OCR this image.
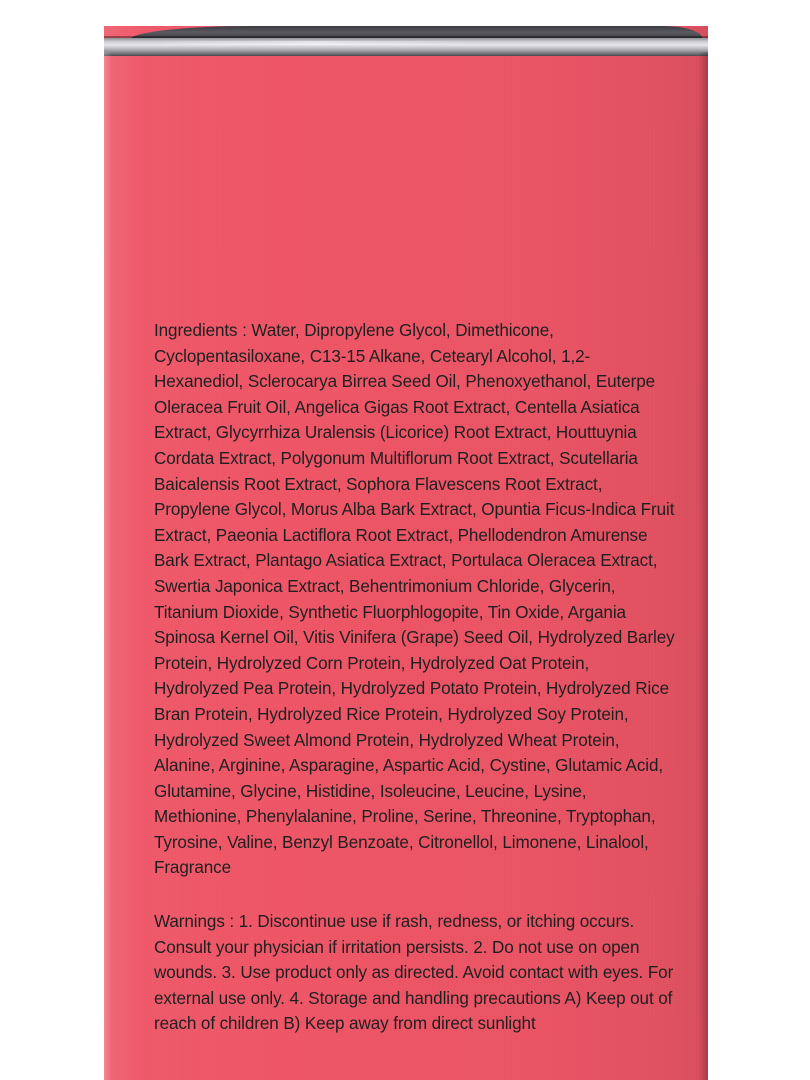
Ingredients : Water, Dipropylene Glycol, Dimethicone, Cyclopentasiloxane, C13-15 Alkane, Cetearyl Alcohol, 1,2-Hexanediol, Sclerocarya Birrea Seed Oil, Phenoxyethanol, Euterpe Oleracea Fruit Oil, Angelica Gigas Root Extract, Centella Asiatica Extract, Glycyrrhiza Uralensis (Licorice) Root Extract, Houttuynia Cordata Extract, Polygonum Multiflorum Root Extract, Scutellaria Baicalensis Root Extract, Sophora Flavescens Root Extract, Propylene Glycol, Morus Alba Bark Extract, Opuntia Ficus-Indica Fruit Extract, Paeonia Lactiflora Root Extract, Phellodendron Amurense Bark Extract, Plantago Asiatica Extract, Portulaca Oleracea Extract, Swertia Japonica Extract, Behentrimonium Chloride, Glycerin, Titanium Dioxide, Synthetic Fluorphlogopite, Tin Oxide, Argania Spinosa Kernel Oil, Vitis Vinifera (Grape) Seed Oil, Hydrolyzed Barley Protein, Hydrolyzed Corn Protein, Hydrolyzed Oat Protein, Hydrolyzed Pea Protein, Hydrolyzed Potato Protein, Hydrolyzed Rice Bran Protein, Hydrolyzed Rice Protein, Hydrolyzed Soy Protein, Hydrolyzed Sweet Almond Protein, Hydrolyzed Wheat Protein, Alanine, Arginine, Asparagine, Aspartic Acid, Cystine, Glutamic Acid, Glutamine, Glycine, Histidine, Isoleucine, Leucine, Lysine, Methionine, Phenylalanine, Proline, Serine, Threonine, Tryptophan, Tyrosine, Valine, Benzyl Benzoate, Citronellol, Limonene, Linalool, Fragrance

Warnings : 1. Discontinue use if rash, redness, or itching occurs. Consult your physician if irritation persists. 2. Do not use on open wounds. 3. Use product only as directed. Avoid contact with eyes. For external use only. 4. Storage and handling precautions A) Keep out of reach of children B) Keep away from direct sunlight
